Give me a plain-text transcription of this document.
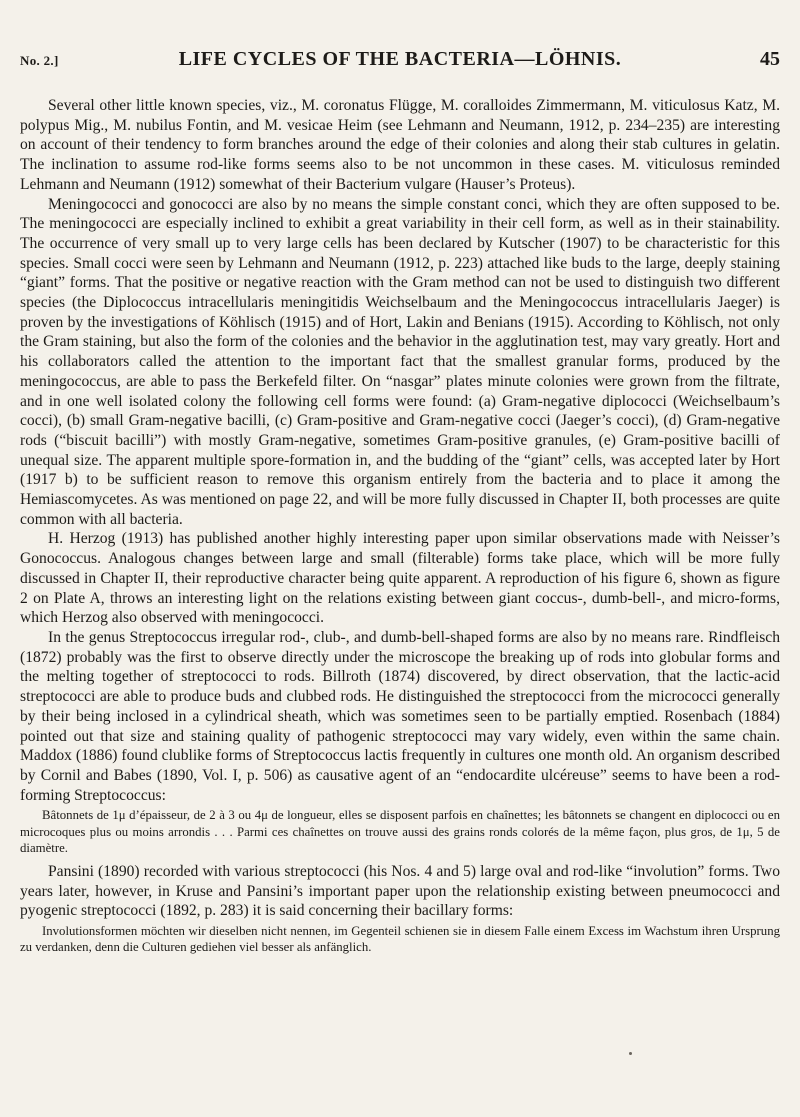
No. 2.]	LIFE CYCLES OF THE BACTERIA—LÖHNIS.	45

Several other little known species, viz., M. coronatus Flügge, M. coralloides Zimmermann, M. viticulosus Katz, M. polypus Mig., M. nubilus Fontin, and M. vesicae Heim (see Lehmann and Neumann, 1912, p. 234–235) are interesting on account of their tendency to form branches around the edge of their colonies and along their stab cultures in gelatin. The inclination to assume rod-like forms seems also to be not uncommon in these cases. M. viticulosus reminded Lehmann and Neumann (1912) somewhat of their Bacterium vulgare (Hauser’s Proteus).

Meningococci and gonococci are also by no means the simple constant conci, which they are often supposed to be. The meningococci are especially inclined to exhibit a great variability in their cell form, as well as in their stainability. The occurrence of very small up to very large cells has been declared by Kutscher (1907) to be characteristic for this species. Small cocci were seen by Lehmann and Neumann (1912, p. 223) attached like buds to the large, deeply staining “giant” forms. That the positive or negative reaction with the Gram method can not be used to distinguish two different species (the Diplococcus intracellularis meningitidis Weichselbaum and the Meningococcus intracellularis Jaeger) is proven by the investigations of Köhlisch (1915) and of Hort, Lakin and Benians (1915). According to Köhlisch, not only the Gram staining, but also the form of the colonies and the behavior in the agglutination test, may vary greatly. Hort and his collaborators called the attention to the important fact that the smallest granular forms, produced by the meningococcus, are able to pass the Berkefeld filter. On “nasgar” plates minute colonies were grown from the filtrate, and in one well isolated colony the following cell forms were found: (a) Gram-negative diplococci (Weichselbaum’s cocci), (b) small Gram-negative bacilli, (c) Gram-positive and Gram-negative cocci (Jaeger’s cocci), (d) Gram-negative rods (“biscuit bacilli”) with mostly Gram-negative, sometimes Gram-positive granules, (e) Gram-positive bacilli of unequal size. The apparent multiple spore-formation in, and the budding of the “giant” cells, was accepted later by Hort (1917 b) to be sufficient reason to remove this organism entirely from the bacteria and to place it among the Hemiascomycetes. As was mentioned on page 22, and will be more fully discussed in Chapter II, both processes are quite common with all bacteria.

H. Herzog (1913) has published another highly interesting paper upon similar observations made with Neisser’s Gonococcus. Analogous changes between large and small (filterable) forms take place, which will be more fully discussed in Chapter II, their reproductive character being quite apparent. A reproduction of his figure 6, shown as figure 2 on Plate A, throws an interesting light on the relations existing between giant coccus-, dumb-bell-, and micro-forms, which Herzog also observed with meningococci.

In the genus Streptococcus irregular rod-, club-, and dumb-bell-shaped forms are also by no means rare. Rindfleisch (1872) probably was the first to observe directly under the microscope the breaking up of rods into globular forms and the melting together of streptococci to rods. Billroth (1874) discovered, by direct observation, that the lactic-acid streptococci are able to produce buds and clubbed rods. He distinguished the streptococci from the micrococci generally by their being inclosed in a cylindrical sheath, which was sometimes seen to be partially emptied. Rosenbach (1884) pointed out that size and staining quality of pathogenic streptococci may vary widely, even within the same chain. Maddox (1886) found clublike forms of Streptococcus lactis frequently in cultures one month old. An organism described by Cornil and Babes (1890, Vol. I, p. 506) as causative agent of an “endocardite ulcéreuse” seems to have been a rod-forming Streptococcus:

Bâtonnets de 1μ d’épaisseur, de 2 à 3 ou 4μ de longueur, elles se disposent parfois en chaînettes; les bâtonnets se changent en diplococci ou en microcoques plus ou moins arrondis . . . Parmi ces chaînettes on trouve aussi des grains ronds colorés de la même façon, plus gros, de 1μ, 5 de diamètre.

Pansini (1890) recorded with various streptococci (his Nos. 4 and 5) large oval and rod-like “involution” forms. Two years later, however, in Kruse and Pansini’s important paper upon the relationship existing between pneumococci and pyogenic streptococci (1892, p. 283) it is said concerning their bacillary forms:

Involutionsformen möchten wir dieselben nicht nennen, im Gegenteil schienen sie in diesem Falle einem Excess im Wachstum ihren Ursprung zu verdanken, denn die Culturen gediehen viel besser als anfänglich.
